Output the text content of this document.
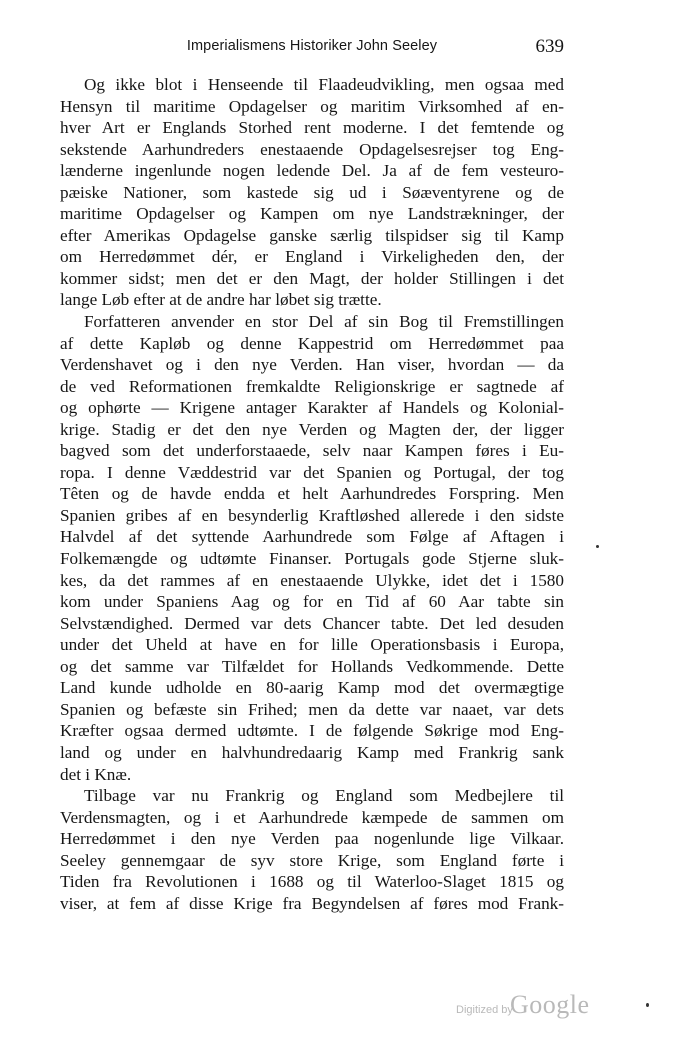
Imperialismens Historiker John Seeley	639
Og ikke blot i Henseende til Flaadeudvikling, men ogsaa med
Hensyn til maritime Opdagelser og maritim Virksomhed af en-
hver Art er Englands Storhed rent moderne. I det femtende og
sekstende Aarhundreders enestaaende Opdagelsesrejser tog Eng-
lænderne ingenlunde nogen ledende Del. Ja af de fem vesteuro-
pæiske Nationer, som kastede sig ud i Søæventyrene og de
maritime Opdagelser og Kampen om nye Landstrækninger, der
efter Amerikas Opdagelse ganske særlig tilspidser sig til Kamp
om Herredømmet dér, er England i Virkeligheden den, der
kommer sidst; men det er den Magt, der holder Stillingen i det
lange Løb efter at de andre har løbet sig trætte.
Forfatteren anvender en stor Del af sin Bog til Fremstillingen
af dette Kapløb og denne Kappestrid om Herredømmet paa
Verdenshavet og i den nye Verden. Han viser, hvordan — da
de ved Reformationen fremkaldte Religionskrige er sagtnede af
og ophørte — Krigene antager Karakter af Handels og Kolonial-
krige. Stadig er det den nye Verden og Magten der, der ligger
bagved som det underforstaaede, selv naar Kampen føres i Eu-
ropa. I denne Væddestrid var det Spanien og Portugal, der tog
Têten og de havde endda et helt Aarhundredes Forspring. Men
Spanien gribes af en besynderlig Kraftløshed allerede i den sidste
Halvdel af det syttende Aarhundrede som Følge af Aftagen i
Folkemængde og udtømte Finanser. Portugals gode Stjerne sluk-
kes, da det rammes af en enestaaende Ulykke, idet det i 1580
kom under Spaniens Aag og for en Tid af 60 Aar tabte sin
Selvstændighed. Dermed var dets Chancer tabte. Det led desuden
under det Uheld at have en for lille Operationsbasis i Europa,
og det samme var Tilfældet for Hollands Vedkommende. Dette
Land kunde udholde en 80-aarig Kamp mod det overmægtige
Spanien og befæste sin Frihed; men da dette var naaet, var dets
Kræfter ogsaa dermed udtømte. I de følgende Søkrige mod Eng-
land og under en halvhundredaarig Kamp med Frankrig sank
det i Knæ.
Tilbage var nu Frankrig og England som Medbejlere til
Verdensmagten, og i et Aarhundrede kæmpede de sammen om
Herredømmet i den nye Verden paa nogenlunde lige Vilkaar.
Seeley gennemgaar de syv store Krige, som England førte i
Tiden fra Revolutionen i 1688 og til Waterloo-Slaget 1815 og
viser, at fem af disse Krige fra Begyndelsen af føres mod Frank-
Digitized by
Google
